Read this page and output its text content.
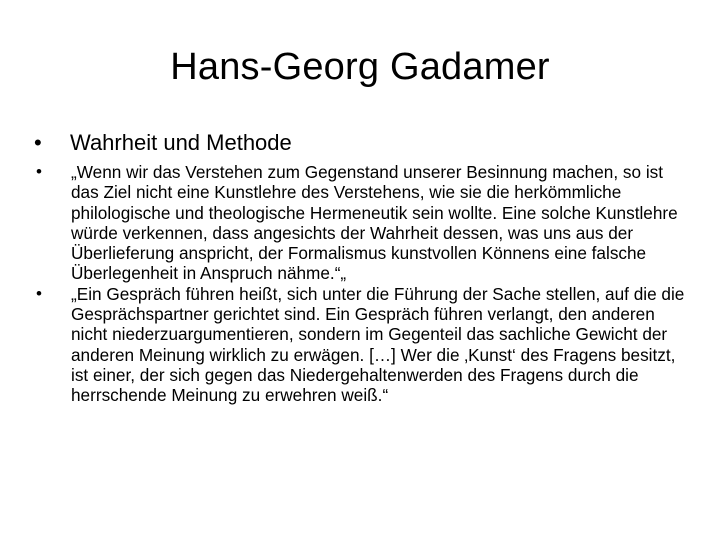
Hans-Georg Gadamer
•	Wahrheit und Methode
•	„Wenn wir das Verstehen zum Gegenstand unserer Besinnung machen, so ist das Ziel nicht eine Kunstlehre des Verstehens, wie sie die herkömmliche philologische und theologische Hermeneutik sein wollte. Eine solche Kunstlehre würde verkennen, dass angesichts der Wahrheit dessen, was uns aus der Überlieferung anspricht, der Formalismus kunstvollen Könnens eine falsche Überlegenheit in Anspruch nähme.“„
•	„Ein Gespräch führen heißt, sich unter die Führung der Sache stellen, auf die die Gesprächspartner gerichtet sind. Ein Gespräch führen verlangt, den anderen nicht niederzuargumentieren, sondern im Gegenteil das sachliche Gewicht der anderen Meinung wirklich zu erwägen. […] Wer die ‚Kunst‘ des Fragens besitzt, ist einer, der sich gegen das Niedergehaltenwerden des Fragens durch die herrschende Meinung zu erwehren weiß.“
